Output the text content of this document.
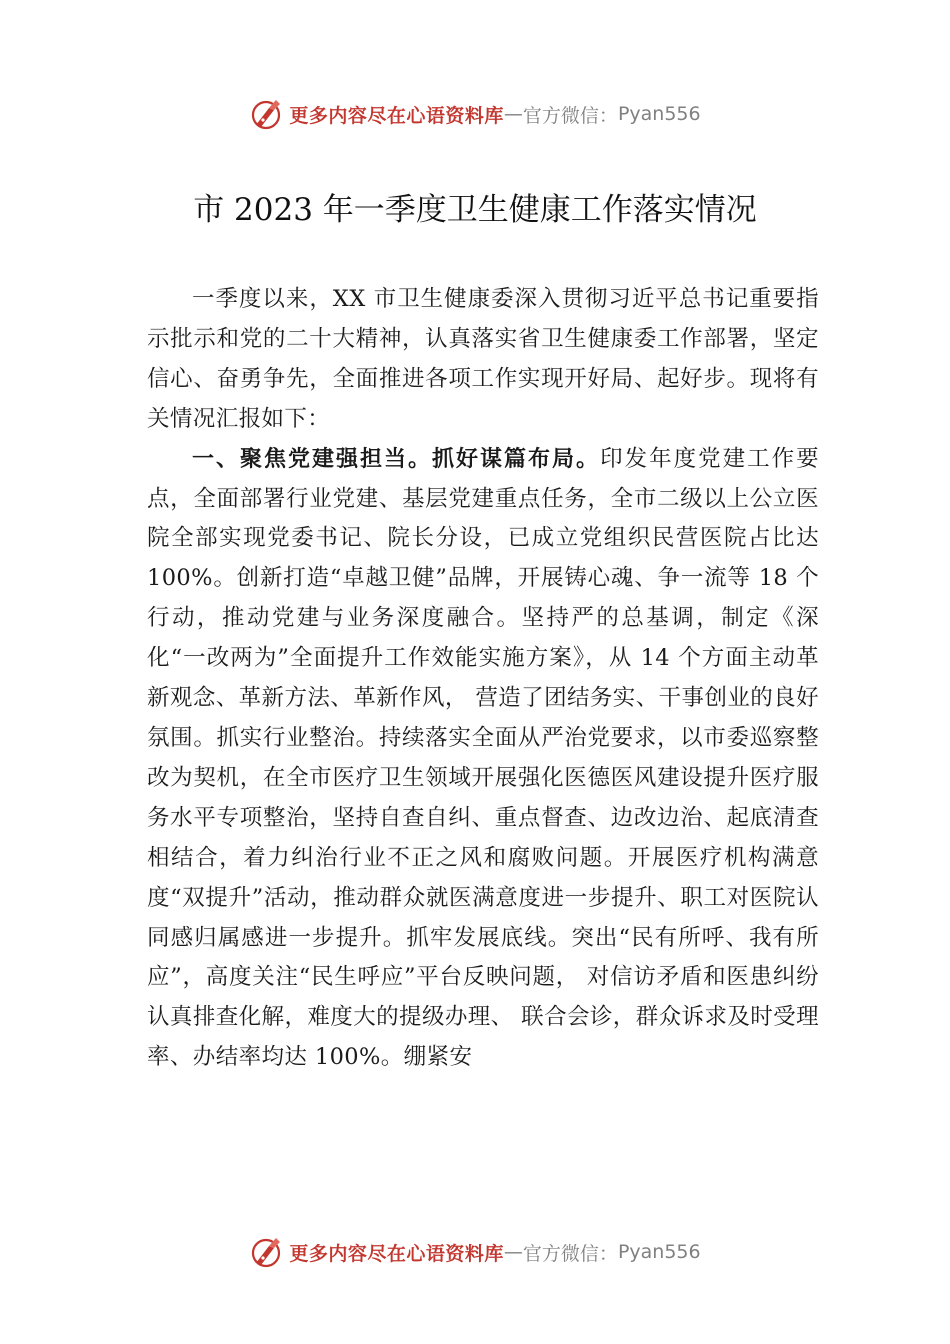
更多内容尽在心语资料库 — 官方微信： Pyan556
市 2023 年一季度卫生健康工作落实情况

一季度以来，XX 市卫生健康委深入贯彻习近平总书记重要指示批示和党的二十大精神，认真落实省卫生健康委工作部署，坚定信心、奋勇争先，全面推进各项工作实现开好局、起好步。现将有关情况汇报如下：

一、聚焦党建强担当。抓好谋篇布局。印发年度党建工作要点，全面部署行业党建、基层党建重点任务，全市二级以上公立医院全部实现党委书记、院长分设，已成立党组织民营医院占比达 100%。创新打造“卓越卫健”品牌，开展铸心魂、争一流等 18 个行动，推动党建与业务深度融合。坚持严的总基调，制定《深化“一改两为”全面提升工作效能实施方案》，从 14 个方面主动革新观念、革新方法、革新作风， 营造了团结务实、干事创业的良好氛围。抓实行业整治。持续落实全面从严治党要求，以市委巡察整改为契机，在全市医疗卫生领域开展强化医德医风建设提升医疗服务水平专项整治，坚持自查自纠、重点督查、边改边治、起底清查相结合，着力纠治行业不正之风和腐败问题。开展医疗机构满意度“双提升”活动，推动群众就医满意度进一步提升、职工对医院认同感归属感进一步提升。抓牢发展底线。突出“民有所呼、我有所应”，高度关注“民生呼应”平台反映问题， 对信访矛盾和医患纠纷认真排查化解，难度大的提级办理、 联合会诊，群众诉求及时受理率、办结率均达 100%。绷紧安

更多内容尽在心语资料库 — 官方微信： Pyan556
